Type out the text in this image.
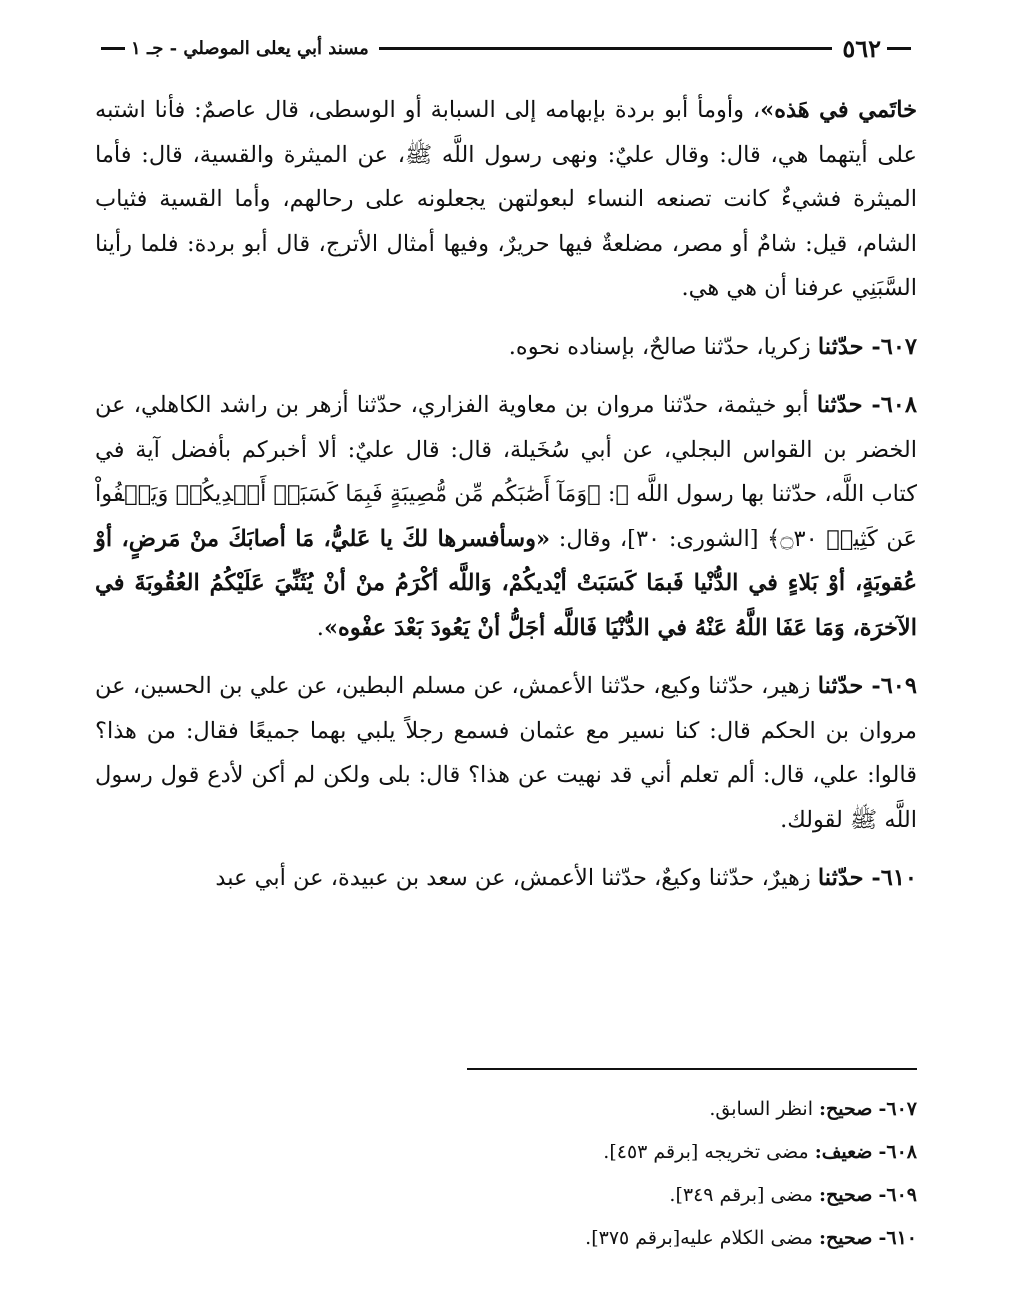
٥٦٢
مسند أبي يعلى الموصلي - جـ ١

خاتَمي في هَذه»، وأومأ أبو بردة بإبهامه إلى السبابة أو الوسطى، قال عاصمٌ: فأنا اشتبه على أيتهما هي، قال: وقال عليٌ: ونهى رسول اللَّه ﷺ، عن الميثرة والقسية، قال: فأما الميثرة فشيءٌ كانت تصنعه النساء لبعولتهن يجعلونه على رحالهم، وأما القسية فثياب الشام، قيل: شامٌ أو مصر، مضلعةٌ فيها حريرٌ، وفيها أمثال الأترج، قال أبو بردة: فلما رأينا السَّبَنِي عرفنا أن هي هي.

٦٠٧- حدّثنا زكريا، حدّثنا صالحٌ، بإسناده نحوه.

٦٠٨- حدّثنا أبو خيثمة، حدّثنا مروان بن معاوية الفزاري، حدّثنا أزهر بن راشد الكاهلي، عن الخضر بن القواس البجلي، عن أبي سُخَيلة، قال: قال عليٌ: ألا أخبركم بأفضل آية في كتاب اللَّه، حدّثنا بها رسول اللَّه ﷺ: ﴿وَمَآ أَصَٰبَكُم مِّن مُّصِيبَةٍ فَبِمَا كَسَبَتۡ أَيۡدِيكُمۡ وَيَعۡفُواْ عَن كَثِيرٖ ۝٣٠﴾ [الشورى: ٣٠]، وقال: «وسأفسرها لكَ يا عَليُّ، مَا أصابَكَ منْ مَرضٍ، أوْ عُقوبَةٍ، أوْ بَلاءٍ في الدُّنْيا فَبمَا كَسَبَتْ أيْديكُمْ، وَاللَّه أكْرَمُ منْ أنْ يُثَنِّيَ عَلَيْكُمُ العُقُوبَةَ في الآخرَة، وَمَا عَفَا اللَّهُ عَنْهُ في الدُّنْيَا فَاللَّه أجَلُّ أنْ يَعُودَ بَعْدَ عفْوه».

٦٠٩- حدّثنا زهير، حدّثنا وكيع، حدّثنا الأعمش، عن مسلم البطين، عن علي بن الحسين، عن مروان بن الحكم قال: كنا نسير مع عثمان فسمع رجلاً يلبي بهما جميعًا فقال: من هذا؟ قالوا: علي، قال: ألم تعلم أني قد نهيت عن هذا؟ قال: بلى ولكن لم أكن لأدع قول رسول اللَّه ﷺ لقولك.

٦١٠- حدّثنا زهيرٌ، حدّثنا وكيعٌ، حدّثنا الأعمش، عن سعد بن عبيدة، عن أبي عبد

٦٠٧- صحيح: انظر السابق.
٦٠٨- ضعيف: مضى تخريجه [برقم ٤٥٣].
٦٠٩- صحيح: مضى [برقم ٣٤٩].
٦١٠- صحيح: مضى الكلام عليه[برقم ٣٧٥].
